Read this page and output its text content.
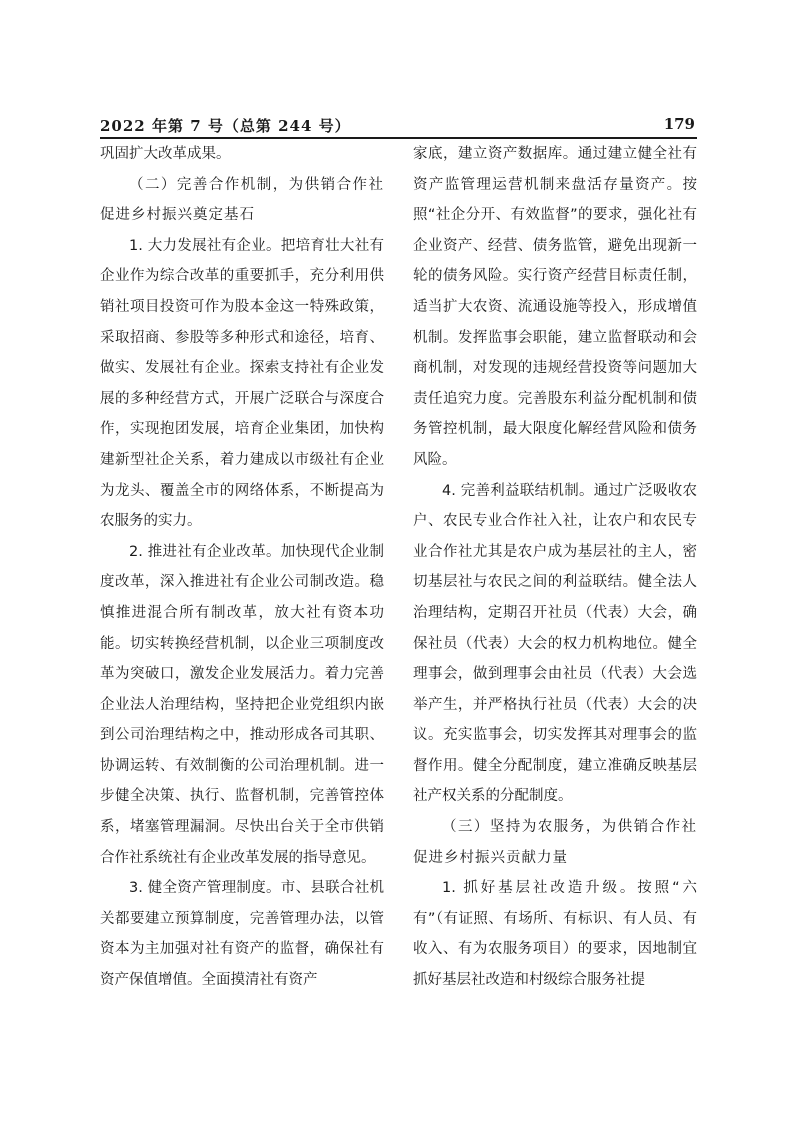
2022 年第 7 号（总第 244 号）	179

巩固扩大改革成果。

（二）完善合作机制，为供销合作社促进乡村振兴奠定基石

1. 大力发展社有企业。把培育壮大社有企业作为综合改革的重要抓手，充分利用供销社项目投资可作为股本金这一特殊政策，采取招商、参股等多种形式和途径，培育、做实、发展社有企业。探索支持社有企业发展的多种经营方式，开展广泛联合与深度合作，实现抱团发展，培育企业集团，加快构建新型社企关系，着力建成以市级社有企业为龙头、覆盖全市的网络体系，不断提高为农服务的实力。

2. 推进社有企业改革。加快现代企业制度改革，深入推进社有企业公司制改造。稳慎推进混合所有制改革，放大社有资本功能。切实转换经营机制，以企业三项制度改革为突破口，激发企业发展活力。着力完善企业法人治理结构，坚持把企业党组织内嵌到公司治理结构之中，推动形成各司其职、协调运转、有效制衡的公司治理机制。进一步健全决策、执行、监督机制，完善管控体系，堵塞管理漏洞。尽快出台关于全市供销合作社系统社有企业改革发展的指导意见。

3. 健全资产管理制度。市、县联合社机关都要建立预算制度，完善管理办法，以管资本为主加强对社有资产的监督，确保社有资产保值增值。全面摸清社有资产

家底，建立资产数据库。通过建立健全社有资产监管理运营机制来盘活存量资产。按照“社企分开、有效监督”的要求，强化社有企业资产、经营、债务监管，避免出现新一轮的债务风险。实行资产经营目标责任制，适当扩大农资、流通设施等投入，形成增值机制。发挥监事会职能，建立监督联动和会商机制，对发现的违规经营投资等问题加大责任追究力度。完善股东利益分配机制和债务管控机制，最大限度化解经营风险和债务风险。

4. 完善利益联结机制。通过广泛吸收农户、农民专业合作社入社，让农户和农民专业合作社尤其是农户成为基层社的主人，密切基层社与农民之间的利益联结。健全法人治理结构，定期召开社员（代表）大会，确保社员（代表）大会的权力机构地位。健全理事会，做到理事会由社员（代表）大会选举产生，并严格执行社员（代表）大会的决议。充实监事会，切实发挥其对理事会的监督作用。健全分配制度，建立准确反映基层社产权关系的分配制度。

（三）坚持为农服务，为供销合作社促进乡村振兴贡献力量

1. 抓好基层社改造升级。按照“六有”（有证照、有场所、有标识、有人员、有收入、有为农服务项目）的要求，因地制宜抓好基层社改造和村级综合服务社提
